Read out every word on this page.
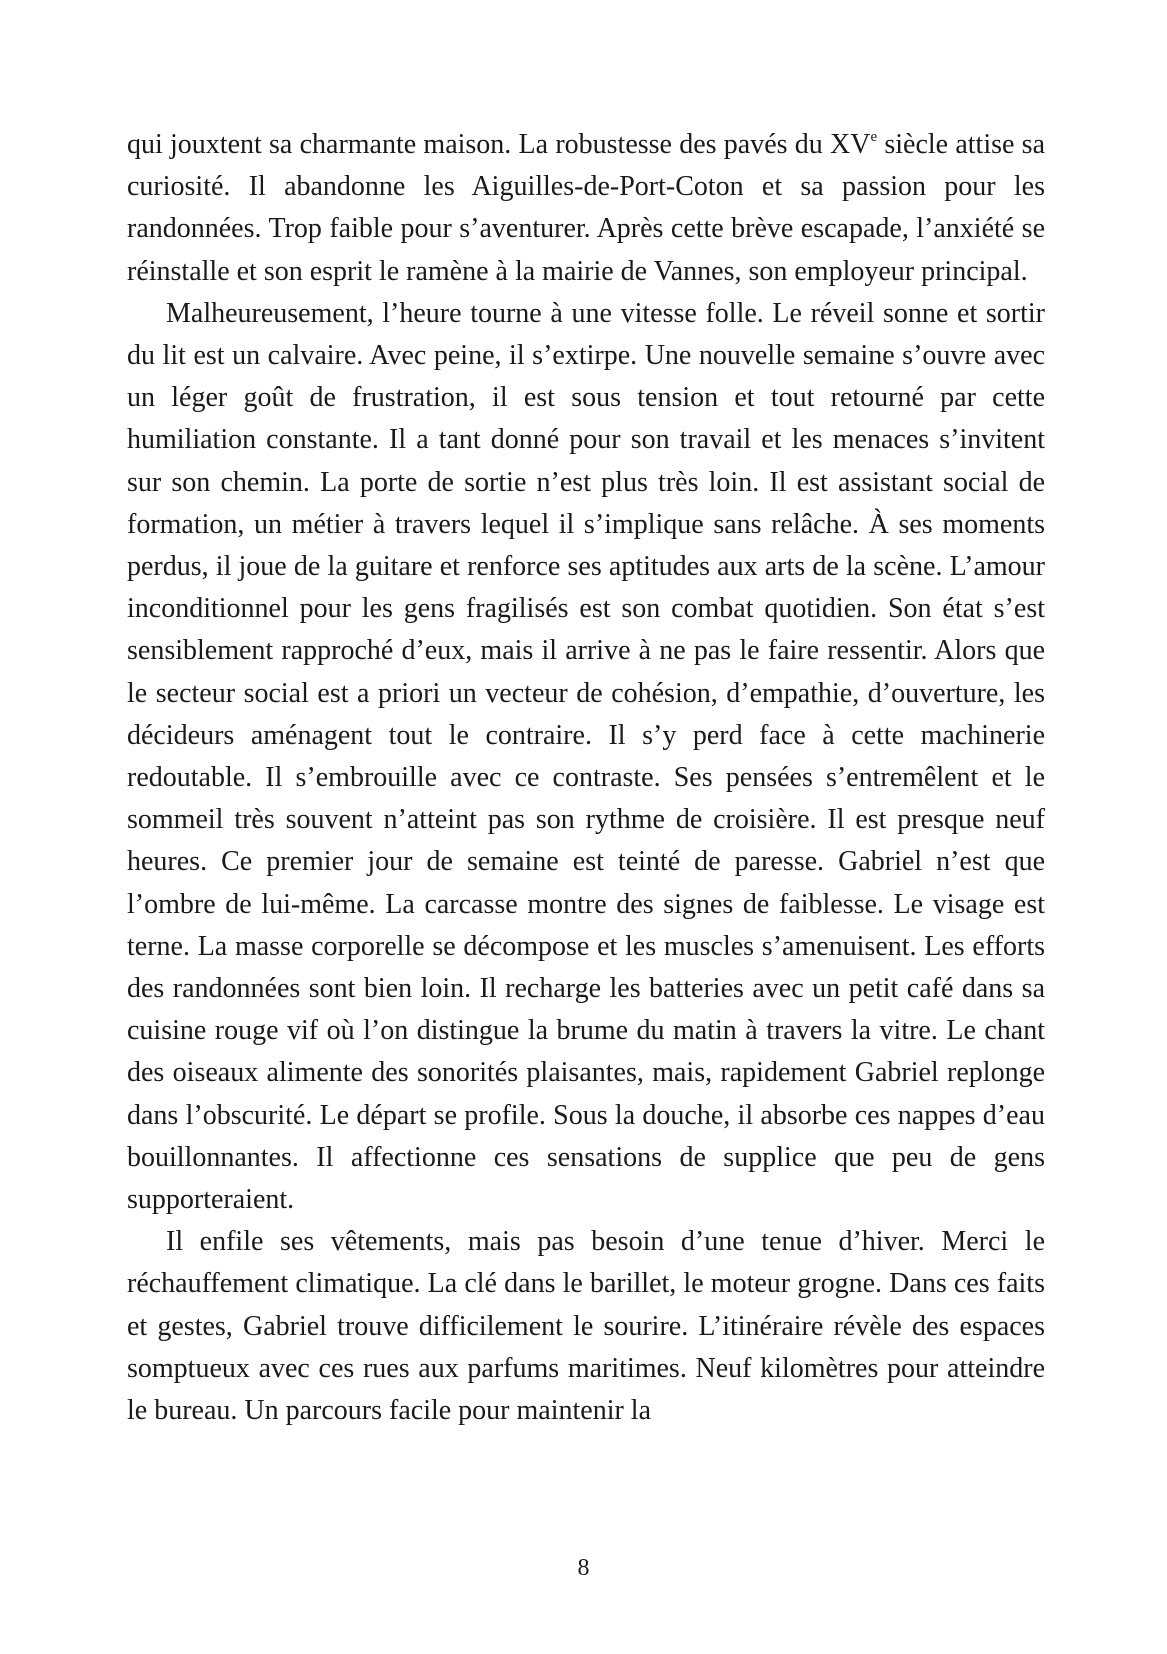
qui jouxtent sa charmante maison. La robustesse des pavés du XVe siècle attise sa curiosité. Il abandonne les Aiguilles-de-Port-Coton et sa passion pour les randonnées. Trop faible pour s’aventurer. Après cette brève escapade, l’anxiété se réinstalle et son esprit le ramène à la mairie de Vannes, son employeur principal.

Malheureusement, l’heure tourne à une vitesse folle. Le réveil sonne et sortir du lit est un calvaire. Avec peine, il s’extirpe. Une nouvelle semaine s’ouvre avec un léger goût de frustration, il est sous tension et tout retourné par cette humiliation constante. Il a tant donné pour son travail et les menaces s’invitent sur son chemin. La porte de sortie n’est plus très loin. Il est assistant social de formation, un métier à travers lequel il s’implique sans relâche. À ses moments perdus, il joue de la guitare et renforce ses aptitudes aux arts de la scène. L’amour inconditionnel pour les gens fragilisés est son combat quotidien. Son état s’est sensiblement rapproché d’eux, mais il arrive à ne pas le faire ressentir. Alors que le secteur social est a priori un vecteur de cohésion, d’empathie, d’ouverture, les décideurs aménagent tout le contraire. Il s’y perd face à cette machinerie redoutable. Il s’embrouille avec ce contraste. Ses pensées s’entremêlent et le sommeil très souvent n’atteint pas son rythme de croisière. Il est presque neuf heures. Ce premier jour de semaine est teinté de paresse. Gabriel n’est que l’ombre de lui-même. La carcasse montre des signes de faiblesse. Le visage est terne. La masse corporelle se décompose et les muscles s’amenuisent. Les efforts des randonnées sont bien loin. Il recharge les batteries avec un petit café dans sa cuisine rouge vif où l’on distingue la brume du matin à travers la vitre. Le chant des oiseaux alimente des sonorités plaisantes, mais, rapidement Gabriel replonge dans l’obscurité. Le départ se profile. Sous la douche, il absorbe ces nappes d’eau bouillonnantes. Il affectionne ces sensations de supplice que peu de gens supporteraient.

Il enfile ses vêtements, mais pas besoin d’une tenue d’hiver. Merci le réchauffement climatique. La clé dans le barillet, le moteur grogne. Dans ces faits et gestes, Gabriel trouve difficilement le sourire. L’itinéraire révèle des espaces somptueux avec ces rues aux parfums maritimes. Neuf kilomètres pour atteindre le bureau. Un parcours facile pour maintenir la

8
